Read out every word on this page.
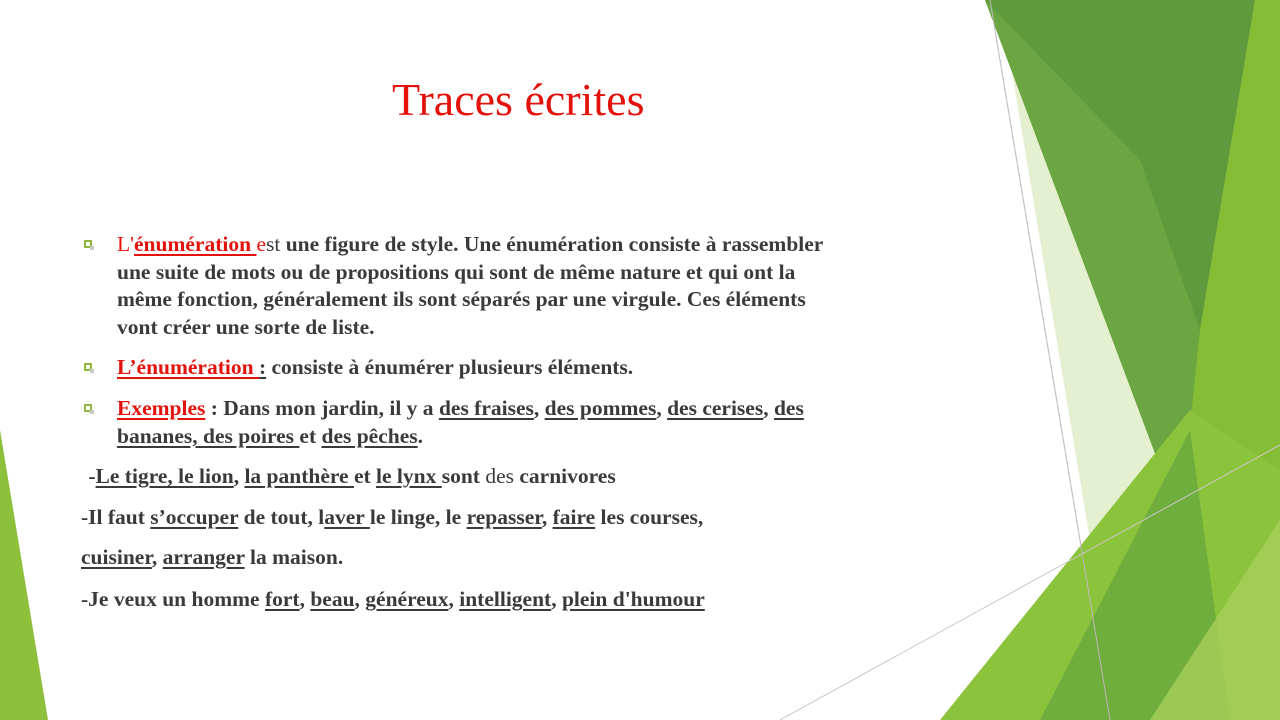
Traces écrites
L'énumération est une figure de style. Une énumération consiste à rassembler
une suite de mots ou de propositions qui sont de même nature et qui ont la
même fonction, généralement ils sont séparés par une virgule. Ces éléments
vont créer une sorte de liste.
L’énumération : consiste à énumérer plusieurs éléments.
Exemples : Dans mon jardin, il y a des fraises, des pommes, des cerises, des
bananes, des poires et des pêches.
-Le tigre, le lion, la panthère et le lynx sont des carnivores
-Il faut s’occuper de tout, laver le linge, le repasser, faire les courses,
cuisiner, arranger la maison.
-Je veux un homme fort, beau, généreux, intelligent, plein d'humour
